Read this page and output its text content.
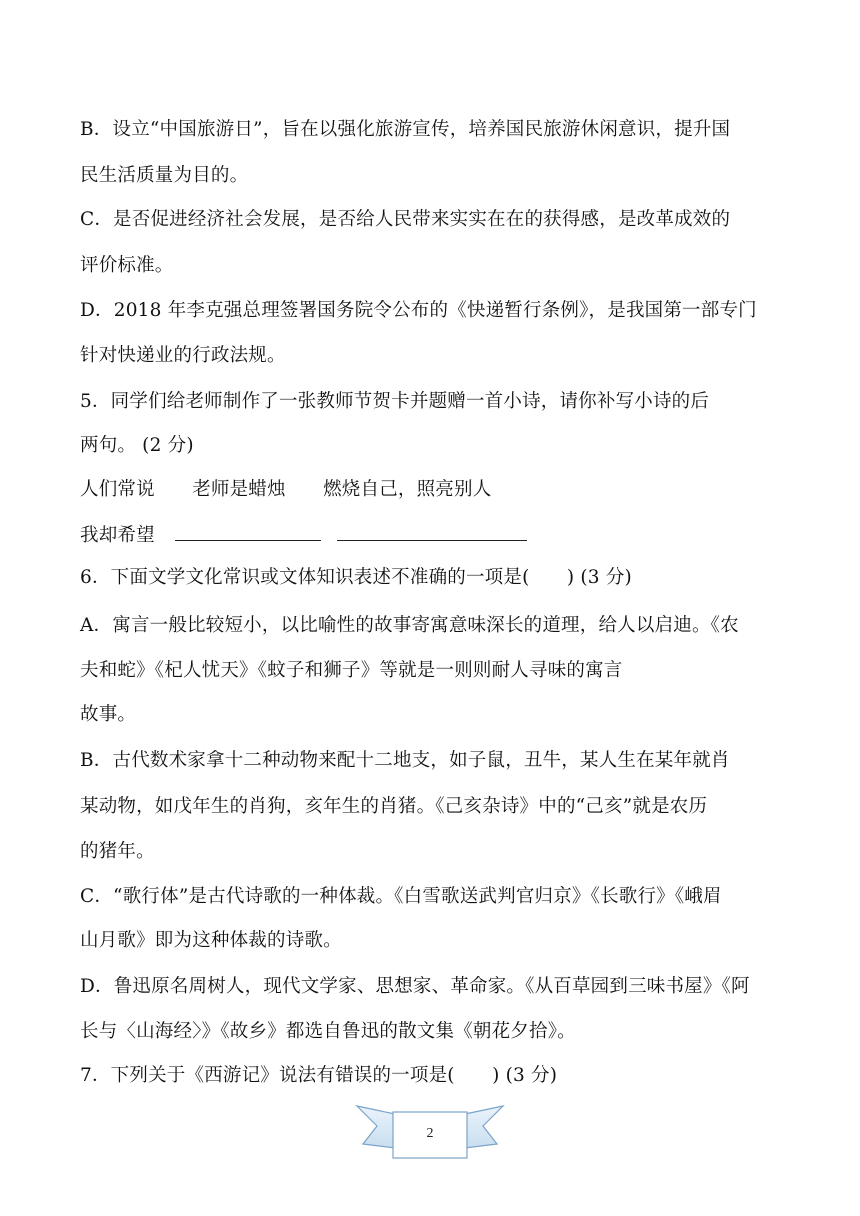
B．设立“中国旅游日”，旨在以强化旅游宣传，培养国民旅游休闲意识，提升国
民生活质量为目的。
C．是否促进经济社会发展，是否给人民带来实实在在的获得感，是改革成效的
评价标准。
D．2018 年李克强总理签署国务院令公布的《快递暂行条例》，是我国第一部专门
针对快递业的行政法规。
5．同学们给老师制作了一张教师节贺卡并题赠一首小诗，请你补写小诗的后
两句。 (2 分)
人们常说　　老师是蜡烛　　燃烧自己，照亮别人
我却希望
6．下面文学文化常识或文体知识表述不准确的一项是(　　) (3 分)
A．寓言一般比较短小，以比喻性的故事寄寓意味深长的道理，给人以启迪。《农
夫和蛇》《杞人忧天》《蚊子和狮子》等就是一则则耐人寻味的寓言
故事。
B．古代数术家拿十二种动物来配十二地支，如子鼠，丑牛，某人生在某年就肖
某动物，如戊年生的肖狗，亥年生的肖猪。《己亥杂诗》中的“己亥”就是农历
的猪年。
C．“歌行体”是古代诗歌的一种体裁。《白雪歌送武判官归京》《长歌行》《峨眉
山月歌》即为这种体裁的诗歌。
D．鲁迅原名周树人，现代文学家、思想家、革命家。《从百草园到三味书屋》《阿
长与〈山海经〉》《故乡》都选自鲁迅的散文集《朝花夕拾》。
7．下列关于《西游记》说法有错误的一项是(　　) (3 分)
2
